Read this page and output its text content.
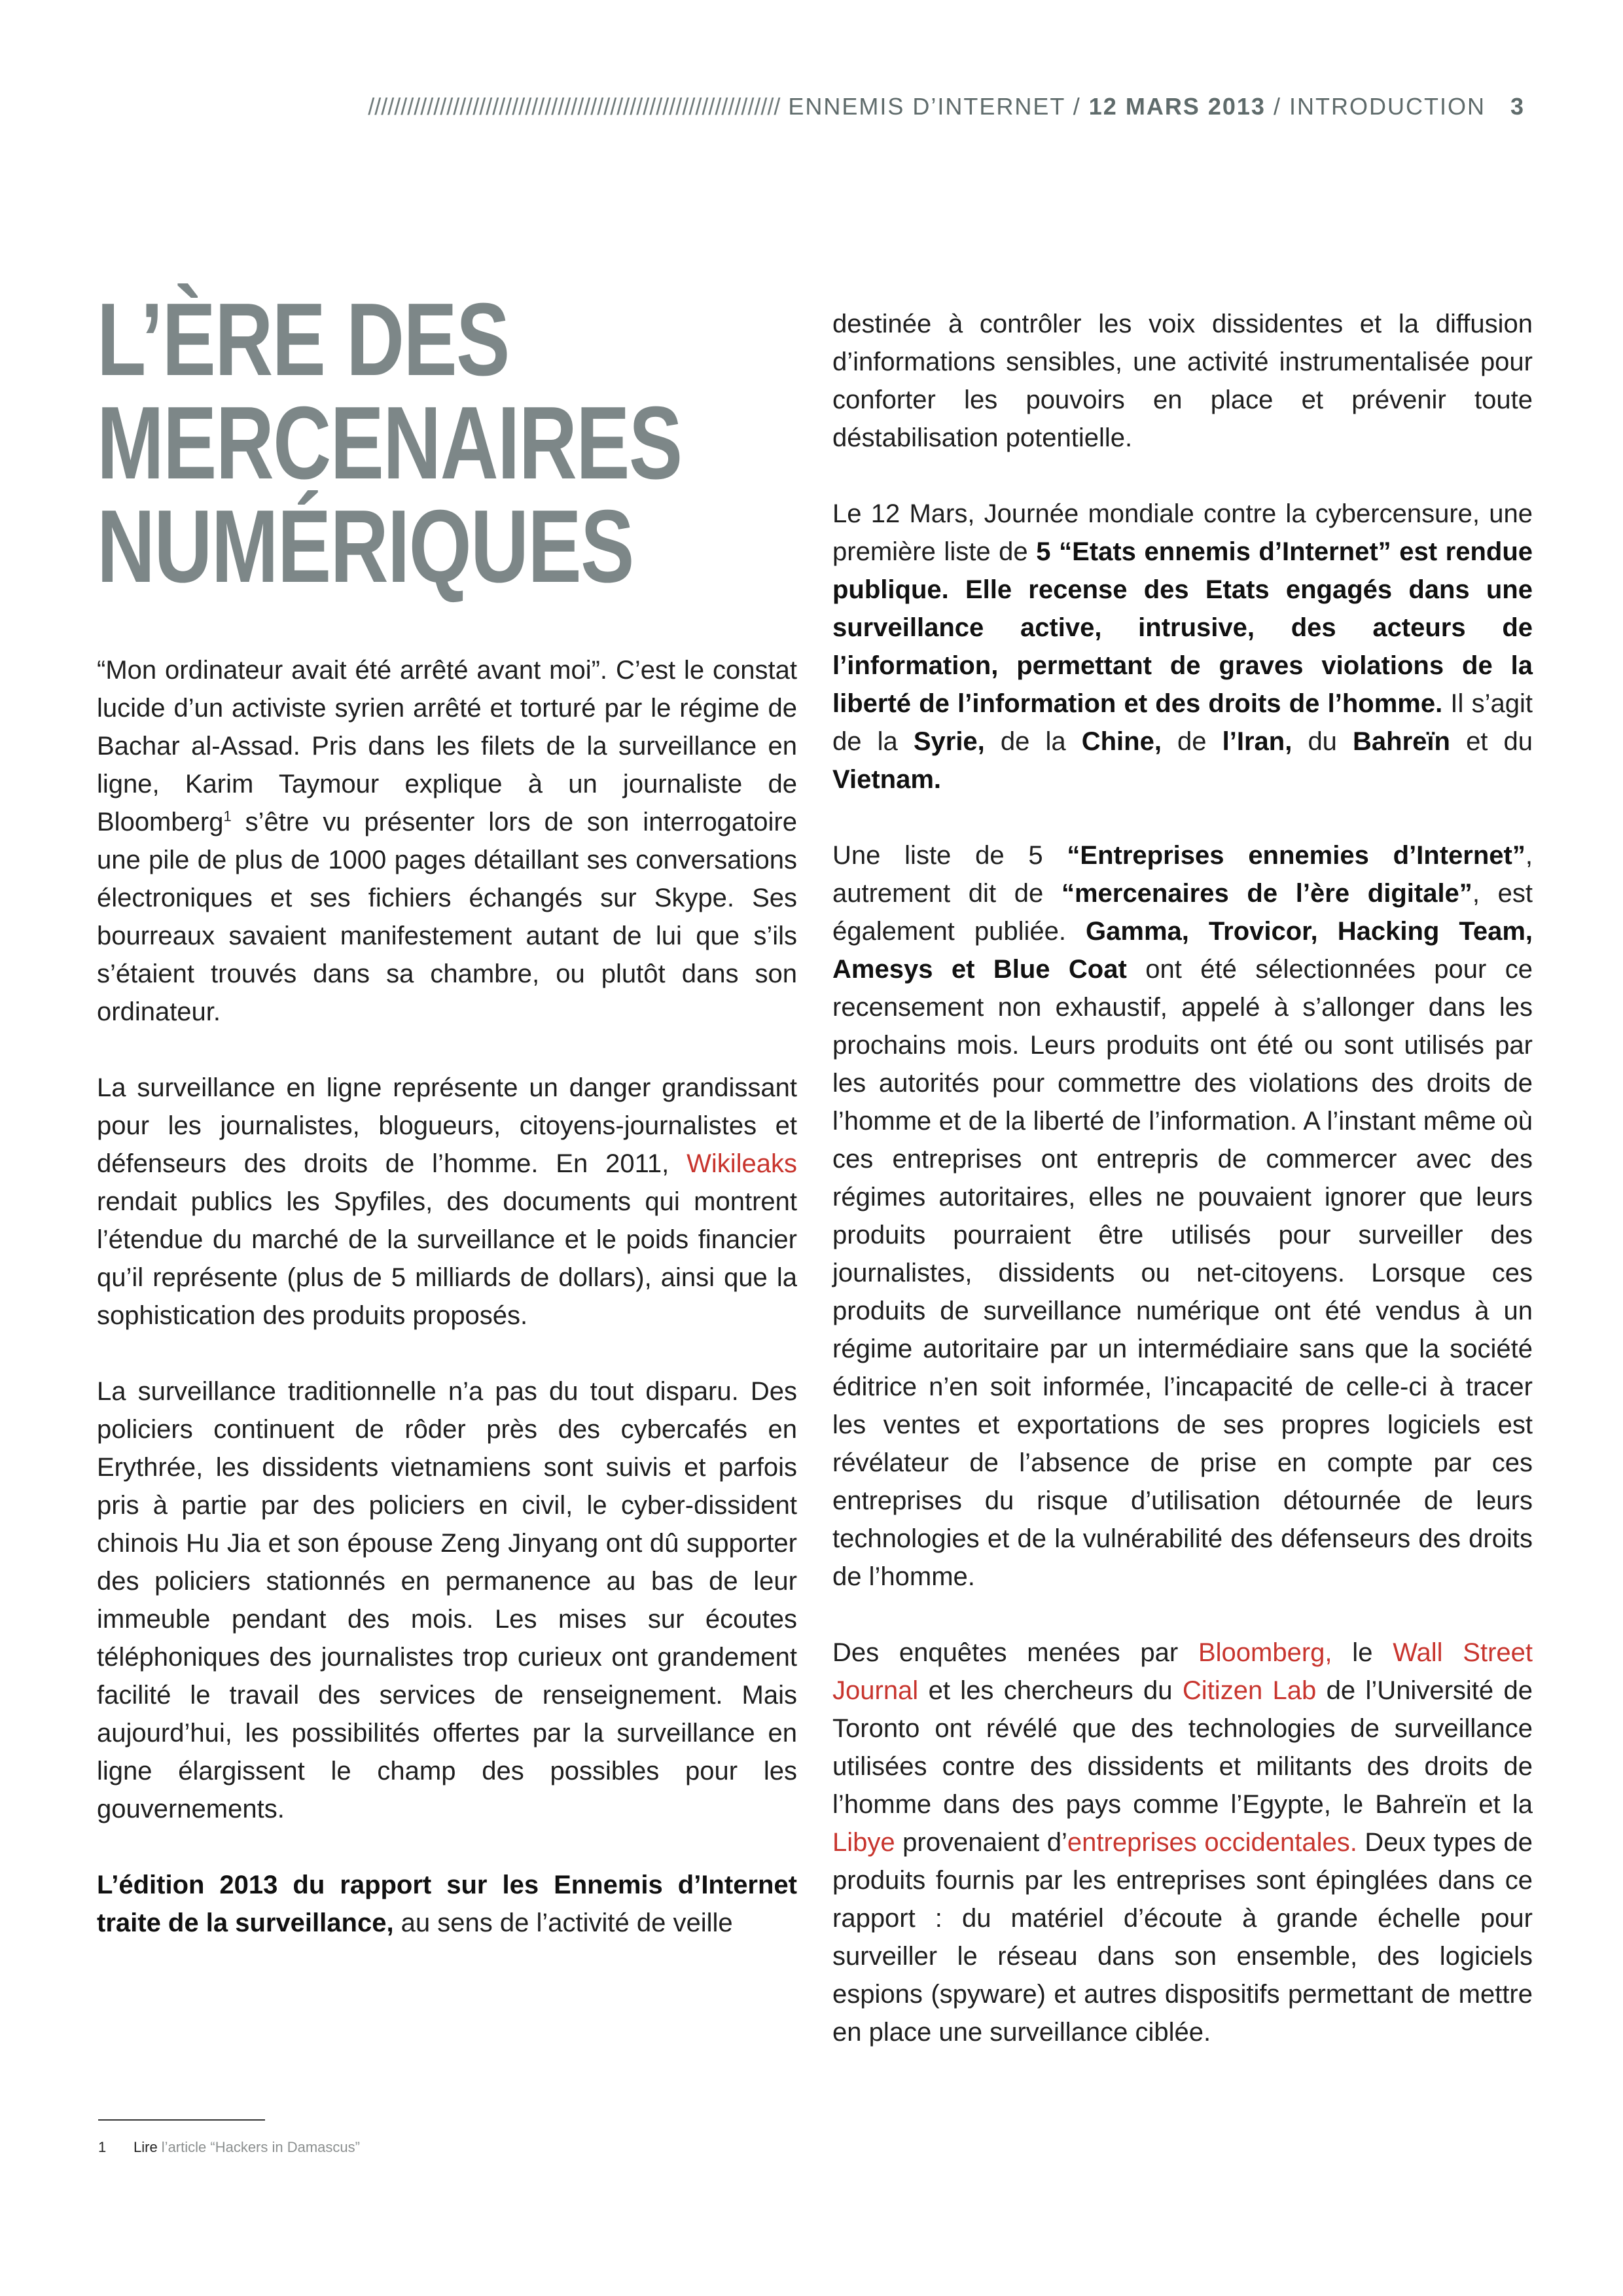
/////////////////////////////////////////////////////////////// ENNEMIS D’INTERNET / 12 MARS 2013 / INTRODUCTION 3
L’ÈRE DES
MERCENAIRES
NUMÉRIQUES

“Mon ordinateur avait été arrêté avant moi”. C’est le constat lucide d’un activiste syrien arrêté et torturé par le régime de Bachar al-Assad. Pris dans les filets de la surveillance en ligne, Karim Taymour explique à un journaliste de Bloomberg$^1$ s’être vu présenter lors de son interrogatoire une pile de plus de 1000 pages détaillant ses conversations électroniques et ses fichiers échangés sur Skype. Ses bourreaux savaient manifestement autant de lui que s’ils s’étaient trouvés dans sa chambre, ou plutôt dans son ordinateur.

La surveillance en ligne représente un danger grandissant pour les journalistes, blogueurs, citoyens-journalistes et défenseurs des droits de l’homme. En 2011, Wikileaks rendait publics les Spyfiles, des documents qui montrent l’étendue du marché de la surveillance et le poids financier qu’il représente (plus de 5 milliards de dollars), ainsi que la sophistication des produits proposés.

La surveillance traditionnelle n’a pas du tout disparu. Des policiers continuent de rôder près des cybercafés en Erythrée, les dissidents vietnamiens sont suivis et parfois pris à partie par des policiers en civil, le cyber-dissident chinois Hu Jia et son épouse Zeng Jinyang ont dû supporter des policiers stationnés en permanence au bas de leur immeuble pendant des mois. Les mises sur écoutes téléphoniques des journalistes trop curieux ont grandement facilité le travail des services de renseignement. Mais aujourd’hui, les possibilités offertes par la surveillance en ligne élargissent le champ des possibles pour les gouvernements.

L’édition 2013 du rapport sur les Ennemis d’Internet traite de la surveillance, au sens de l’activité de veille

destinée à contrôler les voix dissidentes et la diffusion d’informations sensibles, une activité instrumentalisée pour conforter les pouvoirs en place et prévenir toute déstabilisation potentielle.

Le 12 Mars, Journée mondiale contre la cybercensure, une première liste de 5 “Etats ennemis d’Internet” est rendue publique. Elle recense des Etats engagés dans une surveillance active, intrusive, des acteurs de l’information, permettant de graves violations de la liberté de l’information et des droits de l’homme. Il s’agit de la Syrie, de la Chine, de l’Iran, du Bahreïn et du Vietnam.

Une liste de 5 “Entreprises ennemies d’Internet”, autrement dit de “mercenaires de l’ère digitale”, est également publiée. Gamma, Trovicor, Hacking Team, Amesys et Blue Coat ont été sélectionnées pour ce recensement non exhaustif, appelé à s’allonger dans les prochains mois. Leurs produits ont été ou sont utilisés par les autorités pour commettre des violations des droits de l’homme et de la liberté de l’information. A l’instant même où ces entreprises ont entrepris de commercer avec des régimes autoritaires, elles ne pouvaient ignorer que leurs produits pourraient être utilisés pour surveiller des journalistes, dissidents ou net-citoyens. Lorsque ces produits de surveillance numérique ont été vendus à un régime autoritaire par un intermédiaire sans que la société éditrice n’en soit informée, l’incapacité de celle-ci à tracer les ventes et exportations de ses propres logiciels est révélateur de l’absence de prise en compte par ces entreprises du risque d’utilisation détournée de leurs technologies et de la vulnérabilité des défenseurs des droits de l’homme.

Des enquêtes menées par Bloomberg, le Wall Street Journal et les chercheurs du Citizen Lab de l’Université de Toronto ont révélé que des technologies de surveillance utilisées contre des dissidents et militants des droits de l’homme dans des pays comme l’Egypte, le Bahreïn et la Libye provenaient d’entreprises occidentales. Deux types de produits fournis par les entreprises sont épinglées dans ce rapport : du matériel d’écoute à grande échelle pour surveiller le réseau dans son ensemble, des logiciels espions (spyware) et autres dispositifs permettant de mettre en place une surveillance ciblée.

1 Lire l’article “Hackers in Damascus”
